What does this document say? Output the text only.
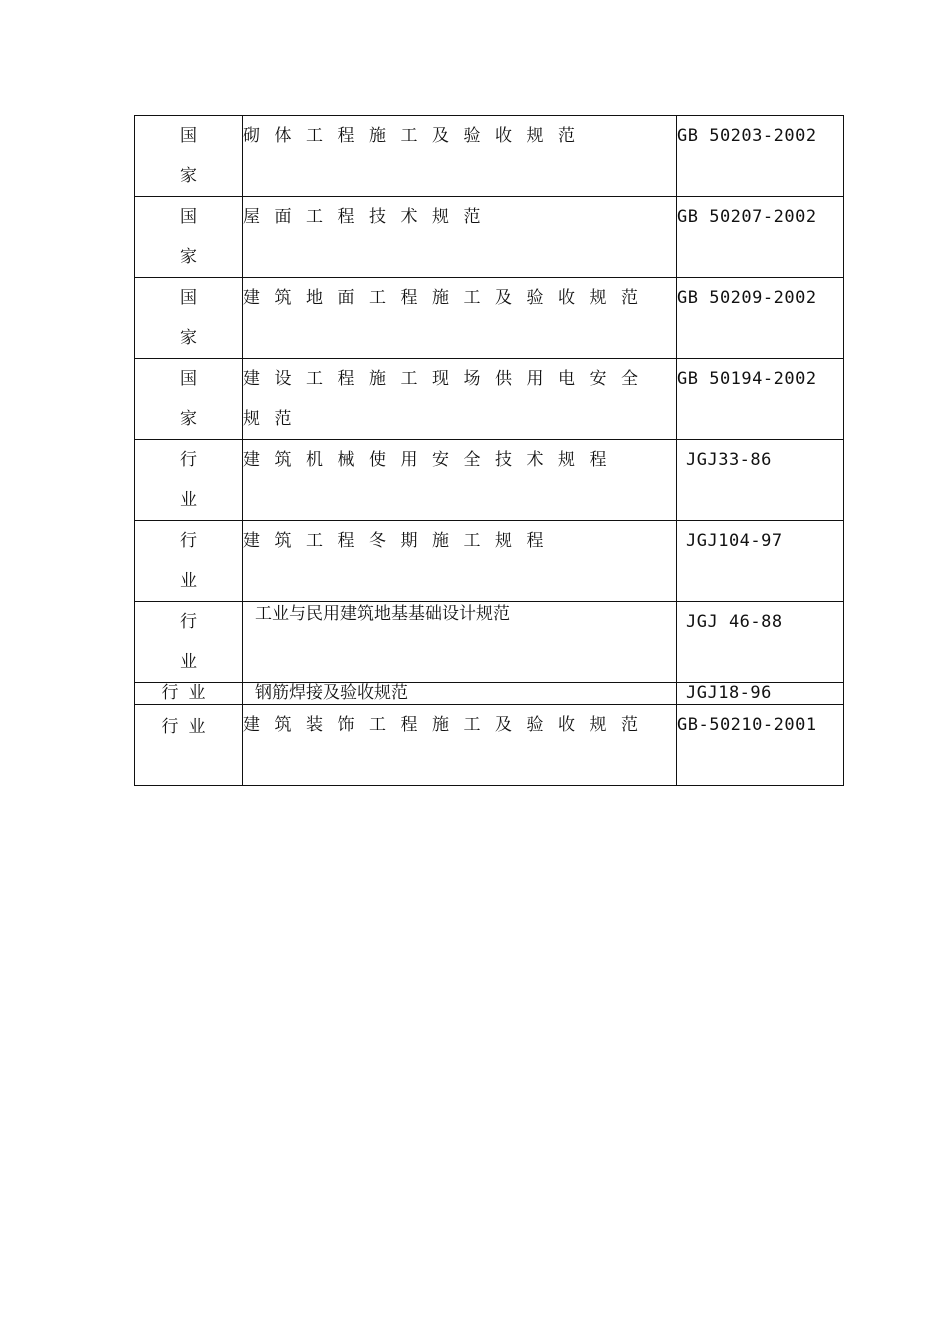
国
家	砌体工程施工及验收规范	GB 50203-2002

国
家	屋面工程技术规范	GB 50207-2002

国
家	建筑地面工程施工及验收规范	GB 50209-2002

国
家	建设工程施工现场供用电安全规范	GB 50194-2002

行
业	建筑机械使用安全技术规程	JGJ33-86

行
业	建筑工程冬期施工规程	JGJ104-97

行
业	工业与民用建筑地基基础设计规范	JGJ 46-88
行业	钢筋焊接及验收规范	JGJ18-96
行业	建筑装饰工程施工及验收规范	GB-50210-2001
